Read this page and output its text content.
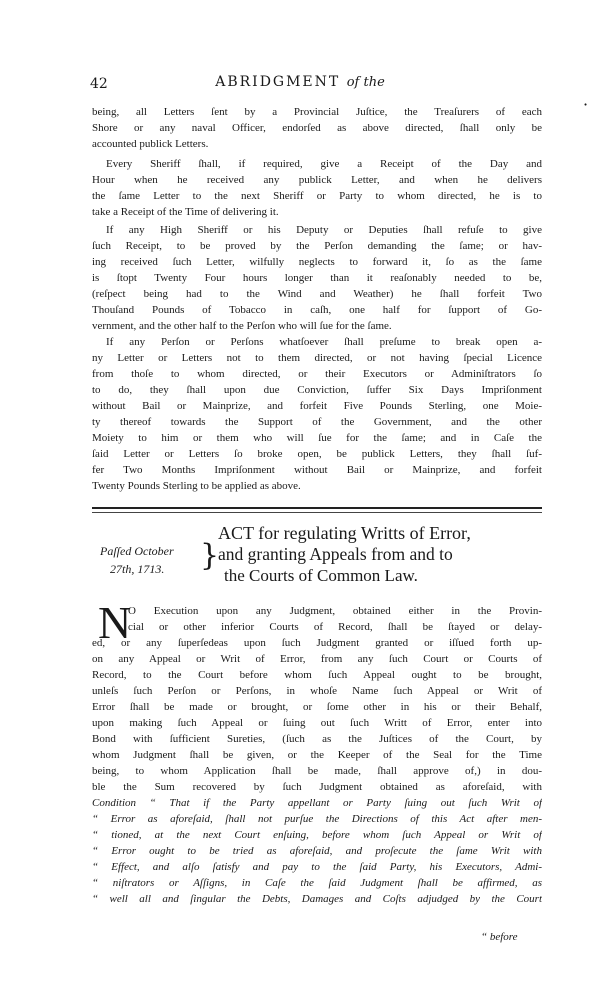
42	ABRIDGMENT of the
·
being, all Letters ſent by a Provincial Juſtice, the Treaſurers of each
Shore or any naval Officer, endorſed as above directed, ſhall only be
accounted publick Letters.
Every Sheriff ſhall, if required, give a Receipt of the Day and
Hour when he received any publick Letter, and when he delivers
the ſame Letter to the next Sheriff or Party to whom directed, he is to
take a Receipt of the Time of delivering it.
If any High Sheriff or his Deputy or Deputies ſhall refuſe to give
ſuch Receipt, to be proved by the Perſon demanding the ſame; or hav-
ing received ſuch Letter, wilfully neglects to forward it, ſo as the ſame
is ſtopt Twenty Four hours longer than it reaſonably needed to be,
(reſpect being had to the Wind and Weather) he ſhall forfeit Two
Thouſand Pounds of Tobacco in caſh, one half for ſupport of Go-
vernment, and the other half to the Perſon who will ſue for the ſame.
If any Perſon or Perſons whatſoever ſhall preſume to break open a-
ny Letter or Letters not to them directed, or not having ſpecial Licence
from thoſe to whom directed, or their Executors or Adminiſtrators ſo
to do, they ſhall upon due Conviction, ſuffer Six Days Impriſonment
without Bail or Mainprize, and forfeit Five Pounds Sterling, one Moie-
ty thereof towards the Support of the Government, and the other
Moiety to him or them who will ſue for the ſame; and in Caſe the
ſaid Letter or Letters ſo broke open, be publick Letters, they ſhall ſuf-
fer Two Months Impriſonment without Bail or Mainprize, and forfeit
Twenty Pounds Sterling to be applied as above.
Paſſed October
27th, 1713.	}
ACT for regulating Writts of Error,
and granting Appeals from and to
the Courts of Common Law.
N
O Execution upon any Judgment, obtained either in the Provin-
cial or other inferior Courts of Record, ſhall be ſtayed or delay-
ed, or any ſuperſedeas upon ſuch Judgment granted or iſſued forth up-
on any Appeal or Writ of Error, from any ſuch Court or Courts of
Record, to the Court before whom ſuch Appeal ought to be brought,
unleſs ſuch Perſon or Perſons, in whoſe Name ſuch Appeal or Writ of
Error ſhall be made or brought, or ſome other in his or their Behalf,
upon making ſuch Appeal or ſuing out ſuch Writt of Error, enter into
Bond with ſufficient Sureties, (ſuch as the Juſtices of the Court, by
whom Judgment ſhall be given, or the Keeper of the Seal for the Time
being, to whom Application ſhall be made, ſhall approve of,) in dou-
ble the Sum recovered by ſuch Judgment obtained as aforeſaid, with
Condition “ That if the Party appellant or Party ſuing out ſuch Writ of
“ Error as aforeſaid, ſhall not purſue the Directions of this Act after men-
“ tioned, at the next Court enſuing, before whom ſuch Appeal or Writ of
“ Error ought to be tried as aforeſaid, and proſecute the ſame Writ with
“ Effect, and alſo ſatisfy and pay to the ſaid Party, his Executors, Admi-
“ niſtrators or Aſſigns, in Caſe the ſaid Judgment ſhall be affirmed, as
“ well all and ſingular the Debts, Damages and Coſts adjudged by the Court
“ before
